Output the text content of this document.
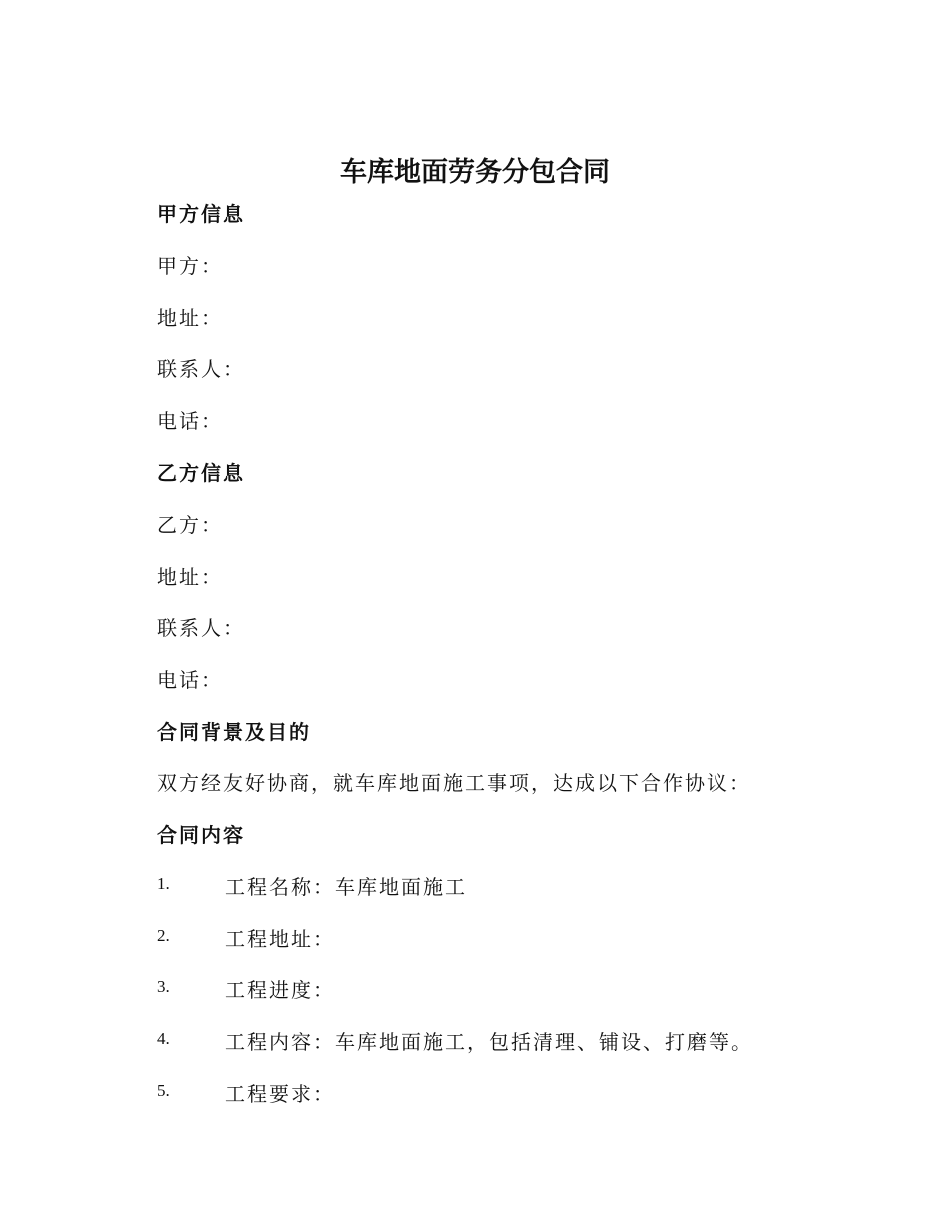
车库地面劳务分包合同
甲方信息
甲方：
地址：
联系人：
电话：
乙方信息
乙方：
地址：
联系人：
电话：
合同背景及目的
双方经友好协商，就车库地面施工事项，达成以下合作协议：
合同内容
1.	工程名称：车库地面施工
2.	工程地址：
3.	工程进度：
4.	工程内容：车库地面施工，包括清理、铺设、打磨等。
5.	工程要求：
